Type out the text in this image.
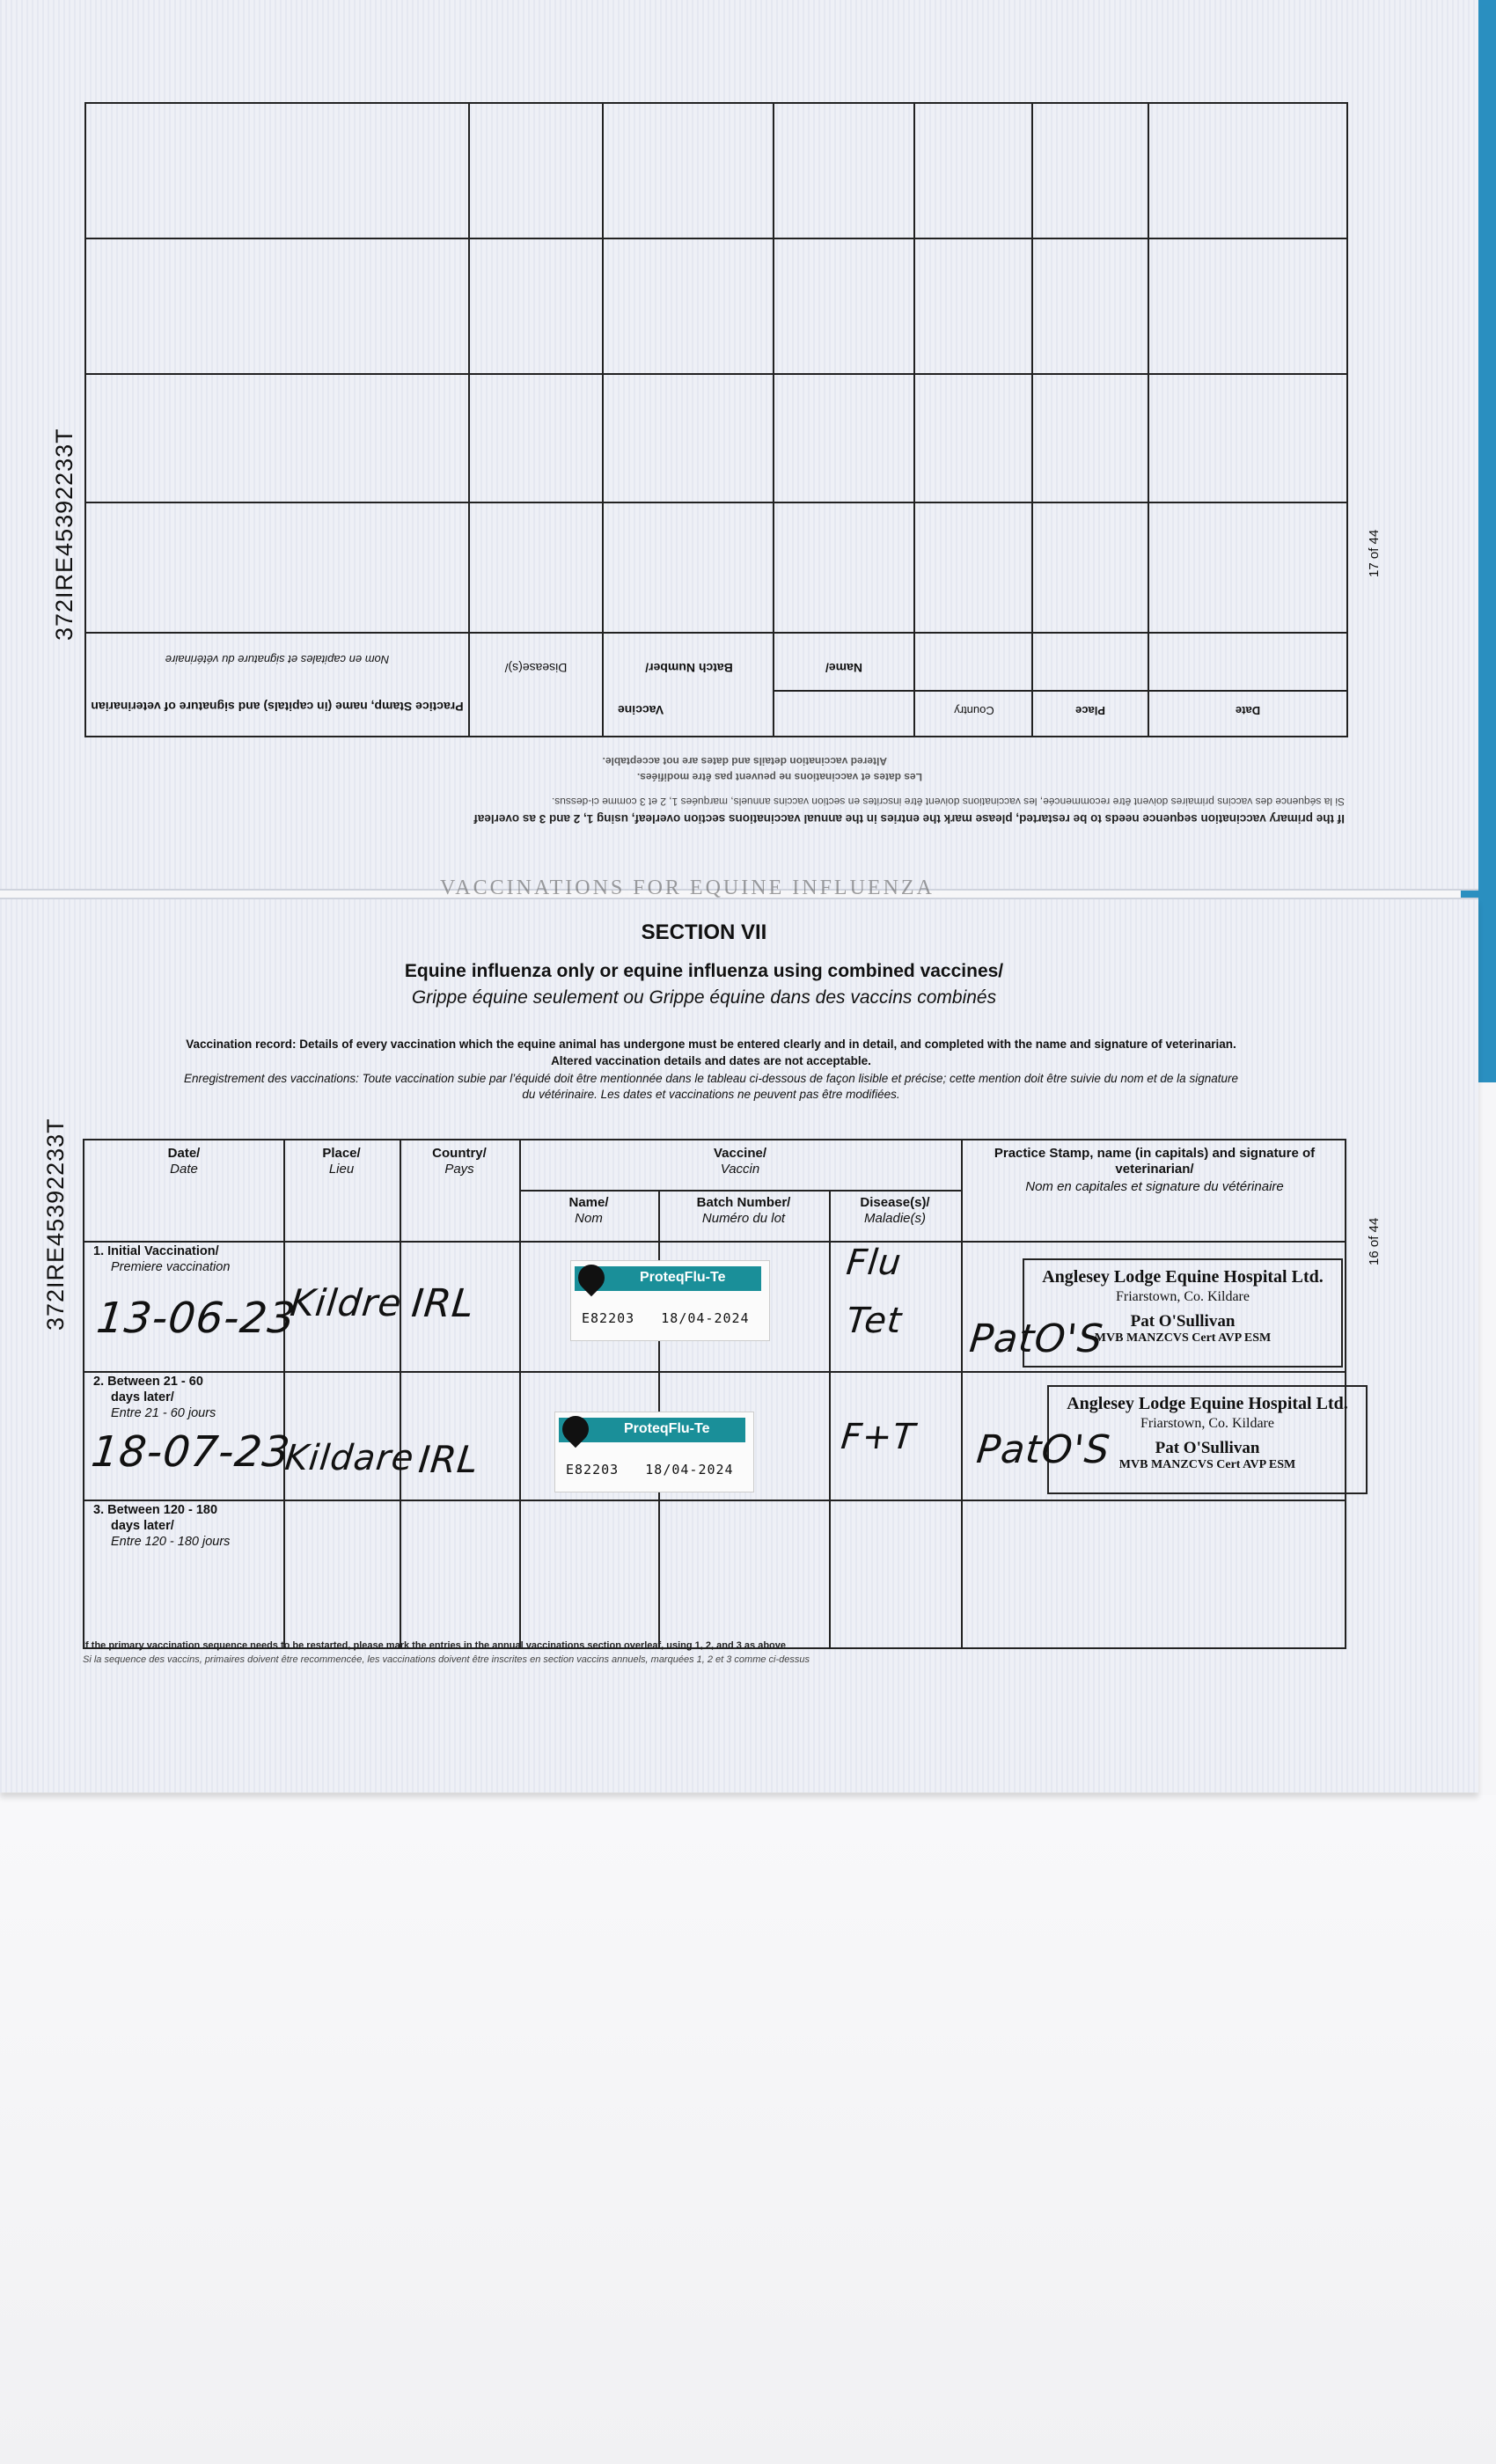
372IRE45392233T	17 of 44
Date
Place
Country
Vaccine
Name/
Batch Number/
Disease(s)/
Practice Stamp, name (in capitals) and signature of veterinarian
Nom en capitales et signature du vétérinaire
If the primary vaccination sequence needs to be restarted, please mark the entries in the annual vaccinations section overleaf, using 1, 2 and 3 as overleaf
Si la séquence des vaccins primaires doivent être recommencée, les vaccinations doivent être inscrites en section vaccins annuels, marquées 1, 2 et 3 comme ci-dessus.
Les dates et vaccinations ne peuvent pas être modifiées.
Altered vaccination details and dates are not acceptable.
VACCINATIONS FOR EQUINE INFLUENZA
372IRE45392233T	16 of 44
SECTION VII
Equine influenza only or equine influenza using combined vaccines/
Grippe équine seulement ou Grippe équine dans des vaccins combinés
Vaccination record: Details of every vaccination which the equine animal has undergone must be entered clearly and in detail, and completed with the name and signature of veterinarian.
Altered vaccination details and dates are not acceptable.
Enregistrement des vaccinations: Toute vaccination subie par l’équidé doit être mentionnée dans le tableau ci-dessous de façon lisible et précise; cette mention doit être suivie du nom et de la signature
du vétérinaire. Les dates et vaccinations ne peuvent pas être modifiées.
Date/
Date
Place/
Lieu
Country/
Pays
Vaccine/
Vaccin
Name/
Nom
Batch Number/
Numéro du lot
Disease(s)/
Maladie(s)
Practice Stamp, name (in capitals) and signature of veterinarian/
Nom en capitales et signature du vétérinaire
1. Initial Vaccination/
Premiere vaccination
13-06-23
Kildre IRL
ProteqFlu-Te
E82203 18/04-2024
Flu
Tet
Anglesey Lodge Equine Hospital Ltd.
Friarstown, Co. Kildare
Pat O'Sullivan
MVB MANZCVS Cert AVP ESM
PatO'S
2. Between 21 - 60
days later/
Entre 21 - 60 jours
18-07-23
Kildare IRL
ProteqFlu-Te
E82203 18/04-2024
F+T
Anglesey Lodge Equine Hospital Ltd.
Friarstown, Co. Kildare
Pat O'Sullivan
MVB MANZCVS Cert AVP ESM
PatO'S
3. Between 120 - 180
days later/
Entre 120 - 180 jours
If the primary vaccination sequence needs to be restarted, please mark the entries in the annual vaccinations section overleaf, using 1, 2, and 3 as above
Si la sequence des vaccins, primaires doivent être recommencée, les vaccinations doivent être inscrites en section vaccins annuels, marquées 1, 2 et 3 comme ci-dessus
